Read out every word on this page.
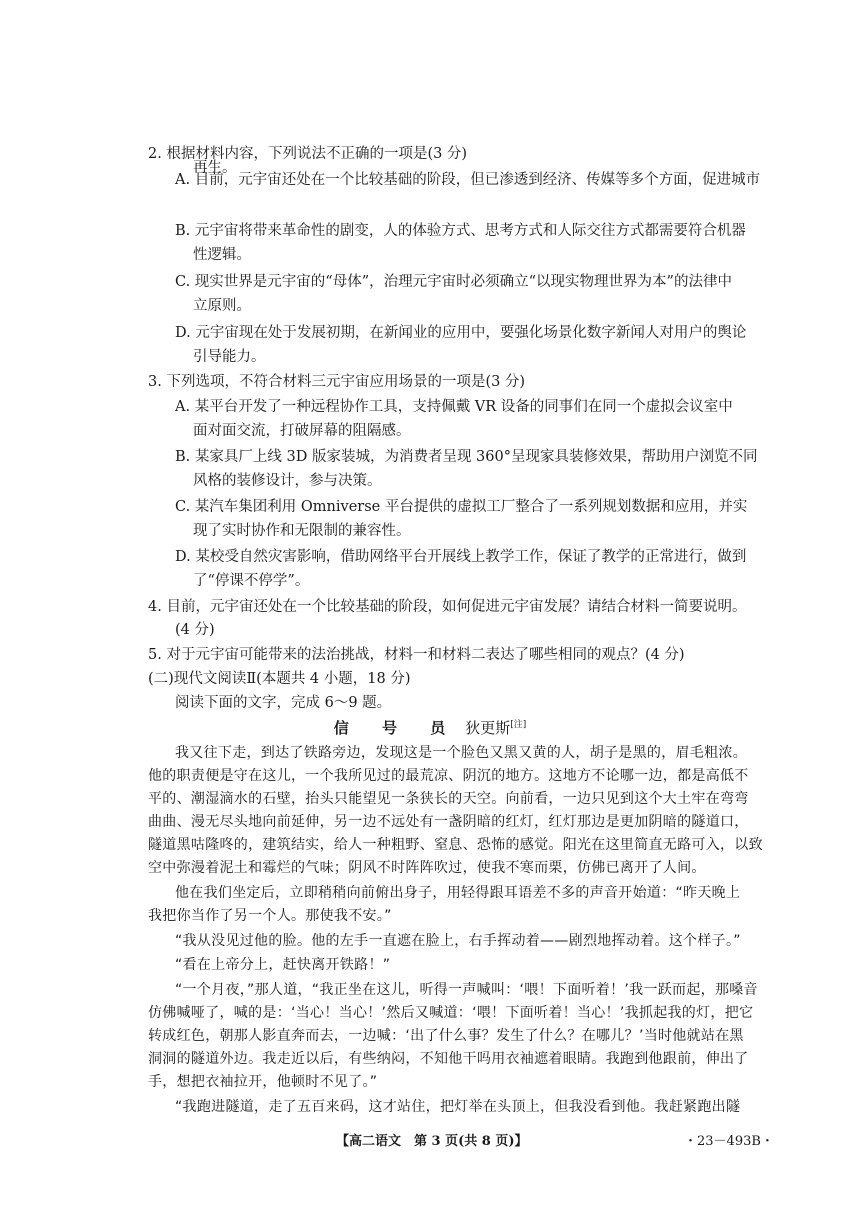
2. 根据材料内容，下列说法不正确的一项是(3 分)
A. 目前，元宇宙还处在一个比较基础的阶段，但已渗透到经济、传媒等多个方面，促进城市
再生。
B. 元宇宙将带来革命性的剧变，人的体验方式、思考方式和人际交往方式都需要符合机器
性逻辑。
C. 现实世界是元宇宙的“母体”，治理元宇宙时必须确立“以现实物理世界为本”的法律中
立原则。
D. 元宇宙现在处于发展初期，在新闻业的应用中，要强化场景化数字新闻人对用户的舆论
引导能力。
3. 下列选项，不符合材料三元宇宙应用场景的一项是(3 分)
A. 某平台开发了一种远程协作工具，支持佩戴 VR 设备的同事们在同一个虚拟会议室中
面对面交流，打破屏幕的阻隔感。
B. 某家具厂上线 3D 版家装城，为消费者呈现 360°呈现家具装修效果，帮助用户浏览不同
风格的装修设计，参与决策。
C. 某汽车集团利用 Omniverse 平台提供的虚拟工厂整合了一系列规划数据和应用，并实
现了实时协作和无限制的兼容性。
D. 某校受自然灾害影响，借助网络平台开展线上教学工作，保证了教学的正常进行，做到
了“停课不停学”。
4. 目前，元宇宙还处在一个比较基础的阶段，如何促进元宇宙发展？请结合材料一简要说明。
(4 分)
5. 对于元宇宙可能带来的法治挑战，材料一和材料二表达了哪些相同的观点？(4 分)
(二)现代文阅读Ⅱ(本题共 4 小题，18 分)
阅读下面的文字，完成 6～9 题。
信 号 员 狄更斯[注]
我又往下走，到达了铁路旁边，发现这是一个脸色又黑又黄的人，胡子是黑的，眉毛粗浓。
他的职责便是守在这儿，一个我所见过的最荒凉、阴沉的地方。这地方不论哪一边，都是高低不
平的、潮湿滴水的石壁，抬头只能望见一条狭长的天空。向前看，一边只见到这个大土牢在弯弯
曲曲、漫无尽头地向前延伸，另一边不远处有一盏阴暗的红灯，红灯那边是更加阴暗的隧道口，
隧道黑咕隆咚的，建筑结实，给人一种粗野、窒息、恐怖的感觉。阳光在这里简直无路可入，以致
空中弥漫着泥土和霉烂的气味；阴风不时阵阵吹过，使我不寒而栗，仿佛已离开了人间。
他在我们坐定后，立即稍稍向前俯出身子，用轻得跟耳语差不多的声音开始道：“昨天晚上
我把你当作了另一个人。那使我不安。”
“我从没见过他的脸。他的左手一直遮在脸上，右手挥动着——剧烈地挥动着。这个样子。”
“看在上帝分上，赶快离开铁路！”
“一个月夜，”那人道，“我正坐在这儿，听得一声喊叫：‘喂！下面听着！’我一跃而起，那嗓音
仿佛喊哑了，喊的是：‘当心！当心！’然后又喊道：‘喂！下面听着！当心！’我抓起我的灯，把它
转成红色，朝那人影直奔而去，一边喊：‘出了什么事？发生了什么？在哪儿？’当时他就站在黑
洞洞的隧道外边。我走近以后，有些纳闷，不知他干吗用衣袖遮着眼睛。我跑到他跟前，伸出了
手，想把衣袖拉开，他顿时不见了。”
“我跑进隧道，走了五百来码，这才站住，把灯举在头顶上，但我没看到他。我赶紧跑出隧
【高二语文　第 3 页(共 8 页)】	・23－493B・
